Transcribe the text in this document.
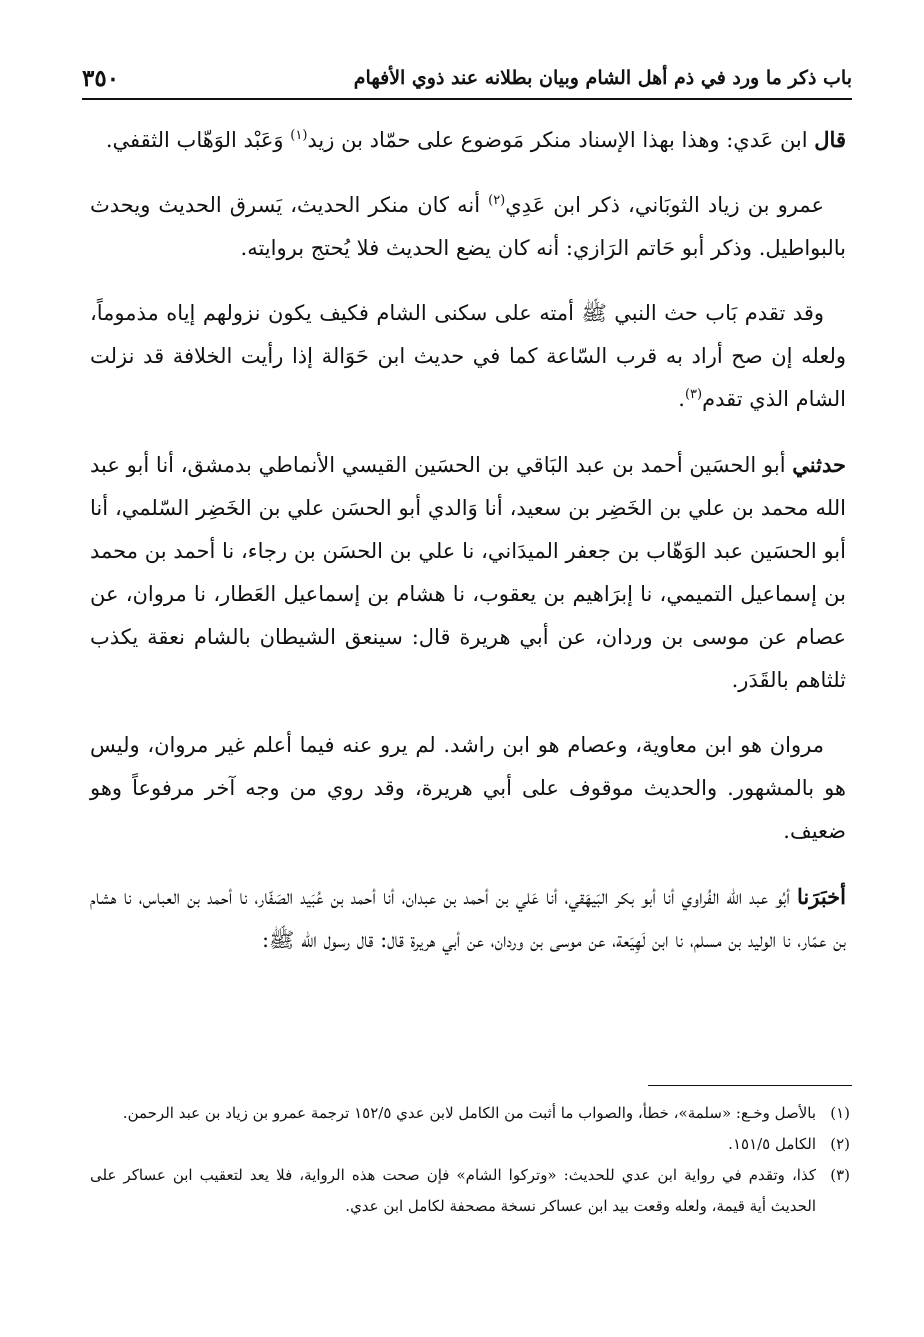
٣٥٠	باب ذكر ما ورد في ذم أهل الشام وبيان بطلانه عند ذوي الأفهام

قال ابن عَدي: وهذا بهذا الإسناد منكر مَوضوع على حمّاد بن زيد$^{(١)}$ وَعَبْد الوَهّاب الثقفي.

عمرو بن زياد الثوبَاني، ذكر ابن عَدِي$^{(٢)}$ أنه كان منكر الحديث، يَسرق الحديث ويحدث بالبواطيل. وذكر أبو حَاتم الرَازي: أنه كان يضع الحديث فلا يُحتج بروايته.

وقد تقدم بَاب حث النبي ﷺ أمته على سكنى الشام فكيف يكون نزولهم إياه مذموماً، ولعله إن صح أراد به قرب السّاعة كما في حديث ابن حَوَالة إذا رأيت الخلافة قد نزلت الشام الذي تقدم$^{(٣)}$.

حدثني أبو الحسَين أحمد بن عبد البَاقي بن الحسَين القيسي الأنماطي بدمشق، أنا أبو عبد الله محمد بن علي بن الخَضِر بن سعيد، أنا وَالدي أبو الحسَن علي بن الخَضِر السّلمي، أنا أبو الحسَين عبد الوَهّاب بن جعفر الميدَاني، نا علي بن الحسَن بن رجاء، نا أحمد بن محمد بن إسماعيل التميمي، نا إبرَاهيم بن يعقوب، نا هشام بن إسماعيل العَطار، نا مروان، عن عصام عن موسى بن وردان، عن أبي هريرة قال: سينعق الشيطان بالشام نعقة يكذب ثلثاهم بالقَدَر.

مروان هو ابن معاوية، وعصام هو ابن راشد. لم يرو عنه فيما أعلم غير مروان، وليس هو بالمشهور. والحديث موقوف على أبي هريرة، وقد روي من وجه آخر مرفوعاً وهو ضعيف.

أخبَرَنا أبُو عبد الله الفُراوي أنا أبو بكر البَيهَقي، أنا عَلي بن أحمد بن عبدان، أنا أحمد بن عُبَيد الصَفّار، نا أحمد بن العباس، نا هشام بن عمّار، نا الوليد بن مسلم، نا ابن لَهِيَعة، عن موسى بن وردان، عن أبي هريرة قال: قال رسول الله ﷺ:

(١)
بالأصل وخـع: «سلمة»، خطأ، والصواب ما أثبت من الكامل لابن عدي ١٥٢/٥ ترجمة عمرو بن زياد بن عبد الرحمن.
(٢)
الكامل ١٥١/٥.
(٣)
كذا، وتقدم في رواية ابن عدي للحديث: «وتركوا الشام» فإن صحت هذه الرواية، فلا يعد لتعقيب ابن عساكر على الحديث أية قيمة، ولعله وقعت بيد ابن عساكر نسخة مصحفة لكامل ابن عدي.
